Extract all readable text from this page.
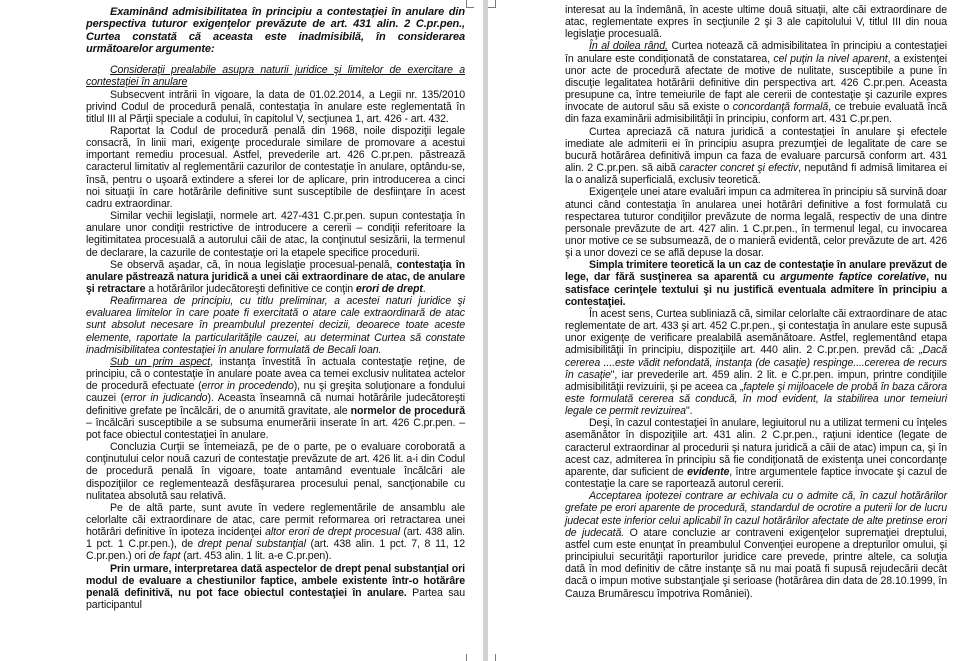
Examinând admisibilitatea în principiu a contestaţiei în anulare din perspectiva tuturor exigenţelor prevăzute de art. 431 alin. 2 C.pr.pen., Curtea constată că aceasta este inadmisibilă, în considerarea următoarelor argumente:

Consideraţii prealabile asupra naturii juridice şi limitelor de exercitare a contestaţiei în anulare

Subsecvent intrării în vigoare, la data de 01.02.2014, a Legii nr. 135/2010 privind Codul de procedură penală, contestaţia în anulare este reglementată în titlul III al Părţii speciale a codului, în capitolul V, secţiunea 1, art. 426 - art. 432.

Raportat la Codul de procedură penală din 1968, noile dispoziţii legale consacră, în linii mari, exigenţe procedurale similare de promovare a acestui important remediu procesual. Astfel, prevederile art. 426 C.pr.pen. păstrează caracterul limitativ al reglementării cazurilor de contestaţie în anulare, optându-se, însă, pentru o uşoară extindere a sferei lor de aplicare, prin introducerea a cinci noi situaţii în care hotărârile definitive sunt susceptibile de desfiinţare în acest cadru extraordinar.

Similar vechii legislaţii, normele art. 427-431 C.pr.pen. supun contestaţia în anulare unor condiţii restrictive de introducere a cererii – condiţii referitoare la legitimitatea procesuală a autorului căii de atac, la conţinutul sesizării, la termenul de declarare, la cazurile de contestaţie ori la etapele specifice procedurii.

Se observă aşadar, că, în noua legislaţie procesual-penală, contestaţia în anulare păstrează natura juridică a unei căi extraordinare de atac, de anulare şi retractare a hotărârilor judecătoreşti definitive ce conţin erori de drept.

Reafirmarea de principiu, cu titlu preliminar, a acestei naturi juridice şi evaluarea limitelor în care poate fi exercitată o atare cale extraordinară de atac sunt absolut necesare în preambulul prezentei decizii, deoarece toate aceste elemente, raportate la particularităţile cauzei, au determinat Curtea să constate inadmisibilitatea contestaţiei în anulare formulată de Becali Ioan.

Sub un prim aspect, instanţa învestită în actuala contestaţie reţine, de principiu, că o contestaţie în anulare poate avea ca temei exclusiv nulitatea actelor de procedură efectuate (error in procedendo), nu şi greşita soluţionare a fondului cauzei (error in judicando). Aceasta înseamnă că numai hotărârile judecătoreşti definitive grefate pe încălcări, de o anumită gravitate, ale normelor de procedură – încălcări susceptibile a se subsuma enumerării inserate în art. 426 C.pr.pen. – pot face obiectul contestaţiei în anulare.

Concluzia Curţii se întemeiază, pe de o parte, pe o evaluare coroborată a conţinutului celor nouă cazuri de contestaţie prevăzute de art. 426 lit. a-i din Codul de procedură penală în vigoare, toate antamând eventuale încălcări ale dispoziţiilor ce reglementează desfăşurarea procesului penal, sancţionabile cu nulitatea absolută sau relativă.

Pe de altă parte, sunt avute în vedere reglementările de ansamblu ale celorlalte căi extraordinare de atac, care permit reformarea ori retractarea unei hotărâri definitive în ipoteza incidenţei altor erori de drept procesual (art. 438 alin. 1 pct. 1 C.pr.pen.), de drept penal substanţial (art. 438 alin. 1 pct. 7, 8 11, 12 C.pr.pen.) ori de fapt (art. 453 alin. 1 lit. a-e C.pr.pen).

Prin urmare, interpretarea dată aspectelor de drept penal substanţial ori modul de evaluare a chestiunilor faptice, ambele existente într-o hotărâre penală definitivă, nu pot face obiectul contestaţiei în anulare. Partea sau participantul

interesat au la îndemână, în aceste ultime două situaţii, alte căi extraordinare de atac, reglementate expres în secţiunile 2 şi 3 ale capitolului V, titlul III din noua legislaţie procesuală.

În al doilea rând, Curtea notează că admisibilitatea în principiu a contestaţiei în anulare este condiţionată de constatarea, cel puţin la nivel aparent, a existenţei unor acte de procedură afectate de motive de nulitate, susceptibile a pune în discuţie legalitatea hotărârii definitive din perspectiva art. 426 C.pr.pen. Aceasta presupune ca, între temeiurile de fapt ale cererii de contestaţie şi cazurile expres invocate de autorul său să existe o concordanţă formală, ce trebuie evaluată încă din faza examinării admisibilităţii în principiu, conform art. 431 C.pr.pen.

Curtea apreciază că natura juridică a contestaţiei în anulare şi efectele imediate ale admiterii ei în principiu asupra prezumţiei de legalitate de care se bucură hotărârea definitivă impun ca faza de evaluare parcursă conform art. 431 alin. 2 C.pr.pen. să aibă caracter concret şi efectiv, neputând fi admisă limitarea ei la o analiză superficială, exclusiv teoretică.

Exigenţele unei atare evaluări impun ca admiterea în principiu să survină doar atunci când contestaţia în anularea unei hotărâri definitive a fost formulată cu respectarea tuturor condiţiilor prevăzute de norma legală, respectiv de una dintre personale prevăzute de art. 427 alin. 1 C.pr.pen., în termenul legal, cu invocarea unor motive ce se subsumează, de o manieră evidentă, celor prevăzute de art. 426 şi a unor dovezi ce se află depuse la dosar.

Simpla trimitere teoretică la un caz de contestaţie în anulare prevăzut de lege, dar fără susţinerea sa aparentă cu argumente faptice corelative, nu satisface cerinţele textului şi nu justifică eventuala admitere în principiu a contestaţiei.

În acest sens, Curtea subliniază că, similar celorlalte căi extraordinare de atac reglementate de art. 433 şi art. 452 C.pr.pen., şi contestaţia în anulare este supusă unor exigenţe de verificare prealabilă asemănătoare. Astfel, reglementând etapa admisibilităţii în principiu, dispoziţiile art. 440 alin. 2 C.pr.pen. prevăd că: „Dacă cererea ....este vădit nefondată, instanţa (de casaţie) respinge....cererea de recurs în casaţie", iar prevederile art. 459 alin. 2 lit. e C.pr.pen. impun, printre condiţiile admisibilităţii revizuirii, şi pe aceea ca „faptele şi mijloacele de probă în baza cărora este formulată cererea să conducă, în mod evident, la stabilirea unor temeiuri legale ce permit revizuirea".

Deşi, în cazul contestaţiei în anulare, legiuitorul nu a utilizat termeni cu înţeles asemănător în dispoziţiile art. 431 alin. 2 C.pr.pen., raţiuni identice (legate de caracterul extraordinar al procedurii şi natura juridică a căii de atac) impun ca, şi în acest caz, admiterea în principiu să fie condiţionată de existenţa unei concordanţe aparente, dar suficient de evidente, între argumentele faptice invocate şi cazul de contestaţie la care se raportează autorul cererii.

Acceptarea ipotezei contrare ar echivala cu o admite că, în cazul hotărârilor grefate pe erori aparente de procedură, standardul de ocrotire a puterii lor de lucru judecat este inferior celui aplicabil în cazul hotărârilor afectate de alte pretinse erori de judecată. O atare concluzie ar contraveni exigenţelor supremaţiei dreptului, astfel cum este enunţat în preambulul Convenţiei europene a drepturilor omului, şi principiului securităţii raporturilor juridice care prevede, printre altele, ca soluţia dată în mod definitiv de către instanţe să nu mai poată fi supusă rejudecării decât dacă o impun motive substanţiale şi serioase (hotărârea din data de 28.10.1999, în Cauza Brumărescu împotriva României).
